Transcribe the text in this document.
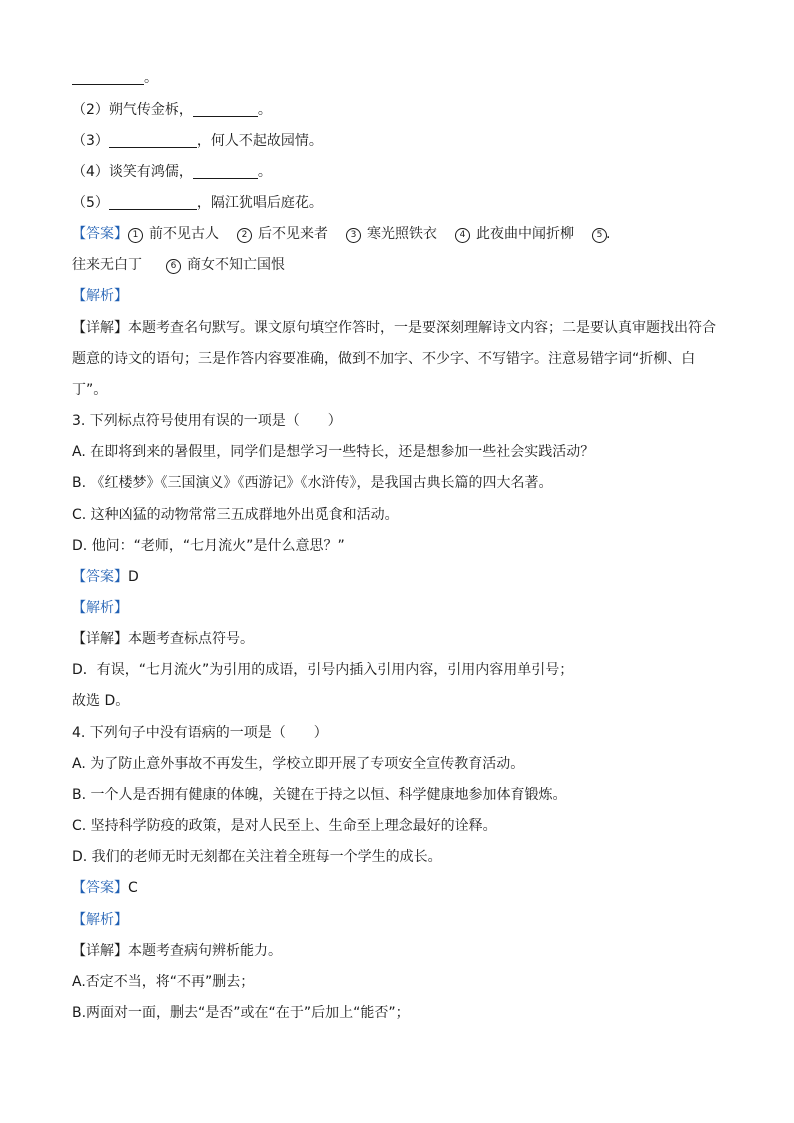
。
（2）朔气传金柝，	。
（3）	，何人不起故园情。
（4）谈笑有鸿儒，	。
（5）	，隔江犹唱后庭花。
【答案】 1 前不见古人	2 后不见来者	3 寒光照铁衣	4 此夜曲中闻折柳	5 .
往来无白丁	6 商女不知亡国恨
【解析】
【详解】本题考查名句默写。课文原句填空作答时，一是要深刻理解诗文内容；二是要认真审题找出符合
题意的诗文的语句；三是作答内容要准确，做到不加字、不少字、不写错字。注意易错字词“折柳、白
丁”。
3. 下列标点符号使用有误的一项是（　　）
A. 在即将到来的暑假里，同学们是想学习一些特长，还是想参加一些社会实践活动？
B. 《红楼梦》《三国演义》《西游记》《水浒传》，是我国古典长篇的四大名著。
C. 这种凶猛的动物常常三五成群地外出觅食和活动。
D. 他问：“老师，“七月流火”是什么意思？”
【答案】D
【解析】
【详解】本题考查标点符号。
D．有误，“七月流火”为引用的成语，引号内插入引用内容，引用内容用单引号；
故选 D。
4. 下列句子中没有语病的一项是（　　）
A. 为了防止意外事故不再发生，学校立即开展了专项安全宣传教育活动。
B. 一个人是否拥有健康的体魄，关键在于持之以恒、科学健康地参加体育锻炼。
C. 坚持科学防疫的政策，是对人民至上、生命至上理念最好的诠释。
D. 我们的老师无时无刻都在关注着全班每一个学生的成长。
【答案】C
【解析】
【详解】本题考查病句辨析能力。
A.否定不当，将“不再”删去；
B.两面对一面，删去“是否”或在“在于”后加上“能否”；
